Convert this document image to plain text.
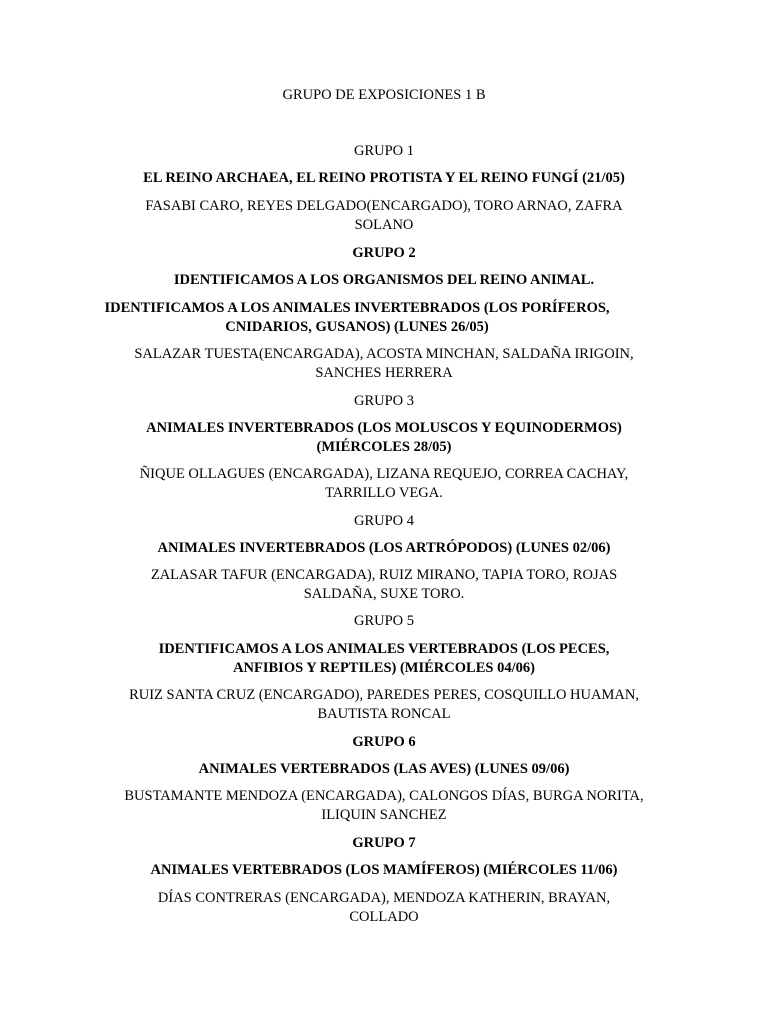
GRUPO DE EXPOSICIONES 1 B
GRUPO 1
EL REINO ARCHAEA, EL REINO PROTISTA Y EL REINO FUNGÍ (21/05)
FASABI CARO, REYES DELGADO(ENCARGADO), TORO ARNAO, ZAFRA SOLANO
GRUPO 2
IDENTIFICAMOS A LOS ORGANISMOS DEL REINO ANIMAL.
IDENTIFICAMOS A LOS ANIMALES INVERTEBRADOS (LOS PORÍFEROS, CNIDARIOS, GUSANOS) (LUNES 26/05)
SALAZAR TUESTA(ENCARGADA), ACOSTA MINCHAN, SALDAÑA IRIGOIN, SANCHES HERRERA
GRUPO 3
ANIMALES INVERTEBRADOS (LOS MOLUSCOS Y EQUINODERMOS) (MIÉRCOLES 28/05)
ÑIQUE OLLAGUES (ENCARGADA), LIZANA REQUEJO, CORREA CACHAY, TARRILLO VEGA.
GRUPO 4
ANIMALES INVERTEBRADOS (LOS ARTRÓPODOS) (LUNES 02/06)
ZALASAR TAFUR (ENCARGADA), RUIZ MIRANO, TAPIA TORO, ROJAS SALDAÑA, SUXE TORO.
GRUPO 5
IDENTIFICAMOS A LOS ANIMALES VERTEBRADOS (LOS PECES, ANFIBIOS Y REPTILES) (MIÉRCOLES 04/06)
RUIZ SANTA CRUZ (ENCARGADO), PAREDES PERES, COSQUILLO HUAMAN, BAUTISTA RONCAL
GRUPO 6
ANIMALES VERTEBRADOS (LAS AVES) (LUNES 09/06)
BUSTAMANTE MENDOZA (ENCARGADA), CALONGOS DÍAS, BURGA NORITA, ILIQUIN SANCHEZ
GRUPO 7
ANIMALES VERTEBRADOS (LOS MAMÍFEROS) (MIÉRCOLES 11/06)
DÍAS CONTRERAS (ENCARGADA), MENDOZA KATHERIN, BRAYAN, COLLADO
